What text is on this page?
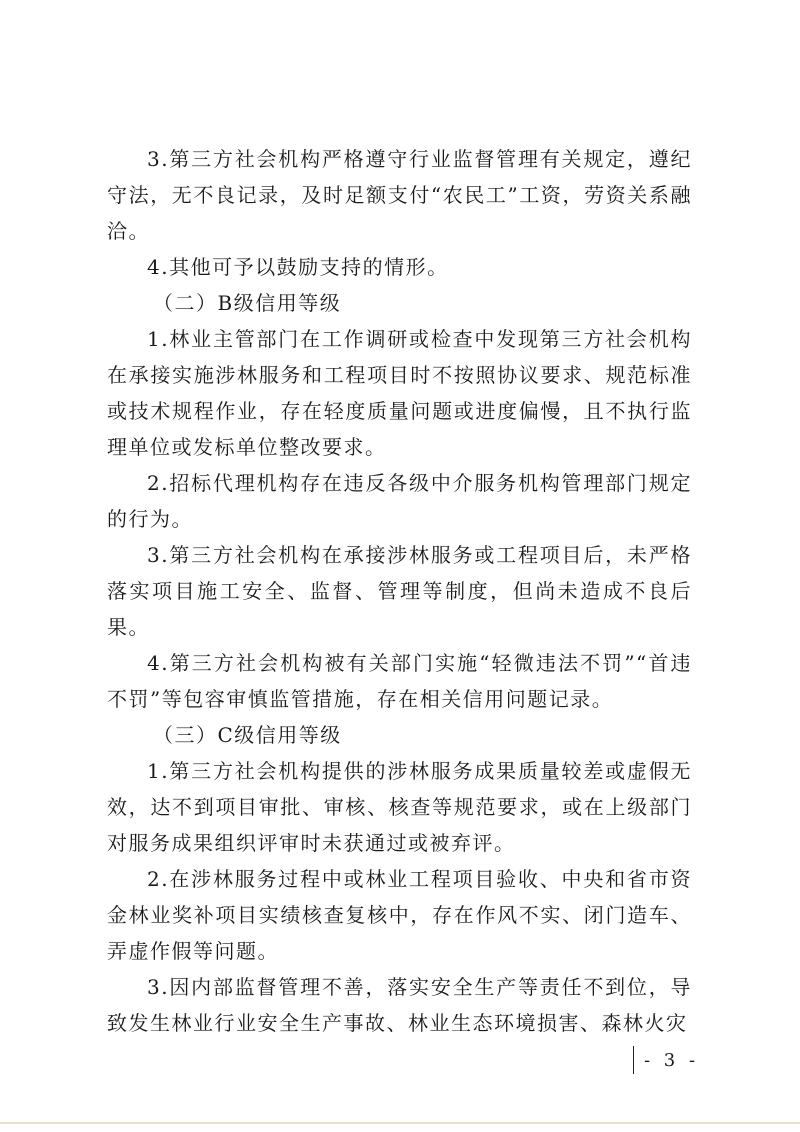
3.第三方社会机构严格遵守行业监督管理有关规定，遵纪守法，无不良记录，及时足额支付“农民工”工资，劳资关系融洽。

4.其他可予以鼓励支持的情形。

（二）B级信用等级

1.林业主管部门在工作调研或检查中发现第三方社会机构在承接实施涉林服务和工程项目时不按照协议要求、规范标准或技术规程作业，存在轻度质量问题或进度偏慢，且不执行监理单位或发标单位整改要求。

2.招标代理机构存在违反各级中介服务机构管理部门规定的行为。

3.第三方社会机构在承接涉林服务或工程项目后，未严格落实项目施工安全、监督、管理等制度，但尚未造成不良后果。

4.第三方社会机构被有关部门实施“轻微违法不罚”“首违不罚”等包容审慎监管措施，存在相关信用问题记录。

（三）C级信用等级

1.第三方社会机构提供的涉林服务成果质量较差或虚假无效，达不到项目审批、审核、核查等规范要求，或在上级部门对服务成果组织评审时未获通过或被弃评。

2.在涉林服务过程中或林业工程项目验收、中央和省市资金林业奖补项目实绩核查复核中，存在作风不实、闭门造车、弄虚作假等问题。

3.因内部监督管理不善，落实安全生产等责任不到位，导致发生林业行业安全生产事故、林业生态环境损害、森林火灾

- 3 -
